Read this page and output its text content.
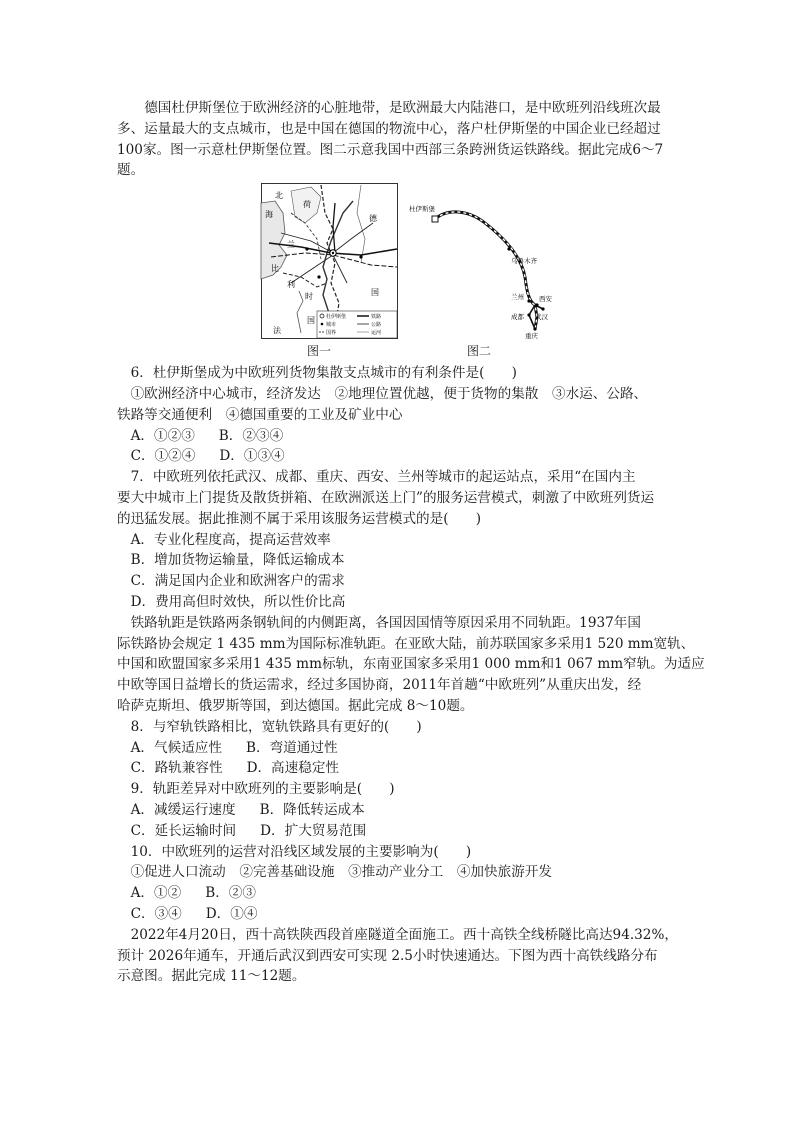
德国杜伊斯堡位于欧洲经济的心脏地带，是欧洲最大内陆港口，是中欧班列沿线班次最

多、运量最大的支点城市，也是中国在德国的物流中心，落户杜伊斯堡的中国企业已经超过

100家。图一示意杜伊斯堡位置。图二示意我国中西部三条跨洲货运铁路线。据此完成6～7

题。

北
海
荷
兰
比
利
时
德
国
法
国 杜伊斯堡	铁路
城市	公路
国界	运河
图一
杜伊斯堡
乌鲁木齐
兰州 西安
成都 武汉
重庆
图二

6．杜伊斯堡成为中欧班列货物集散支点城市的有利条件是(　　)

①欧洲经济中心城市，经济发达　②地理位置优越，便于货物的集散　③水运、公路、

铁路等交通便利　④德国重要的工业及矿业中心

A．①②③ B．②③④

C．①②④ D．①③④

7．中欧班列依托武汉、成都、重庆、西安、兰州等城市的起运站点，采用“在国内主

要大中城市上门提货及散货拼箱、在欧洲派送上门”的服务运营模式，刺激了中欧班列货运

的迅猛发展。据此推测不属于采用该服务运营模式的是(　　)

A．专业化程度高，提高运营效率

B．增加货物运输量，降低运输成本

C．满足国内企业和欧洲客户的需求

D．费用高但时效快，所以性价比高

铁路轨距是铁路两条钢轨间的内侧距离，各国因国情等原因采用不同轨距。1937年国

际铁路协会规定 1 435 mm为国际标准轨距。在亚欧大陆，前苏联国家多采用1 520 mm宽轨、

中国和欧盟国家多采用1 435 mm标轨，东南亚国家多采用1 000 mm和1 067 mm窄轨。为适应

中欧等国日益增长的货运需求，经过多国协商，2011年首趟“中欧班列”从重庆出发，经

哈萨克斯坦、俄罗斯等国，到达德国。据此完成 8～10题。

8．与窄轨铁路相比，宽轨铁路具有更好的(　　)

A．气候适应性 B．弯道通过性

C．路轨兼容性 D．高速稳定性

9．轨距差异对中欧班列的主要影响是(　　)

A．减缓运行速度 B．降低转运成本

C．延长运输时间 D．扩大贸易范围

10．中欧班列的运营对沿线区域发展的主要影响为(　　)

①促进人口流动　②完善基础设施　③推动产业分工　④加快旅游开发

A．①② B．②③

C．③④ D．①④

2022年4月20日，西十高铁陕西段首座隧道全面施工。西十高铁全线桥隧比高达94.32%，

预计 2026年通车，开通后武汉到西安可实现 2.5小时快速通达。下图为西十高铁线路分布

示意图。据此完成 11～12题。
